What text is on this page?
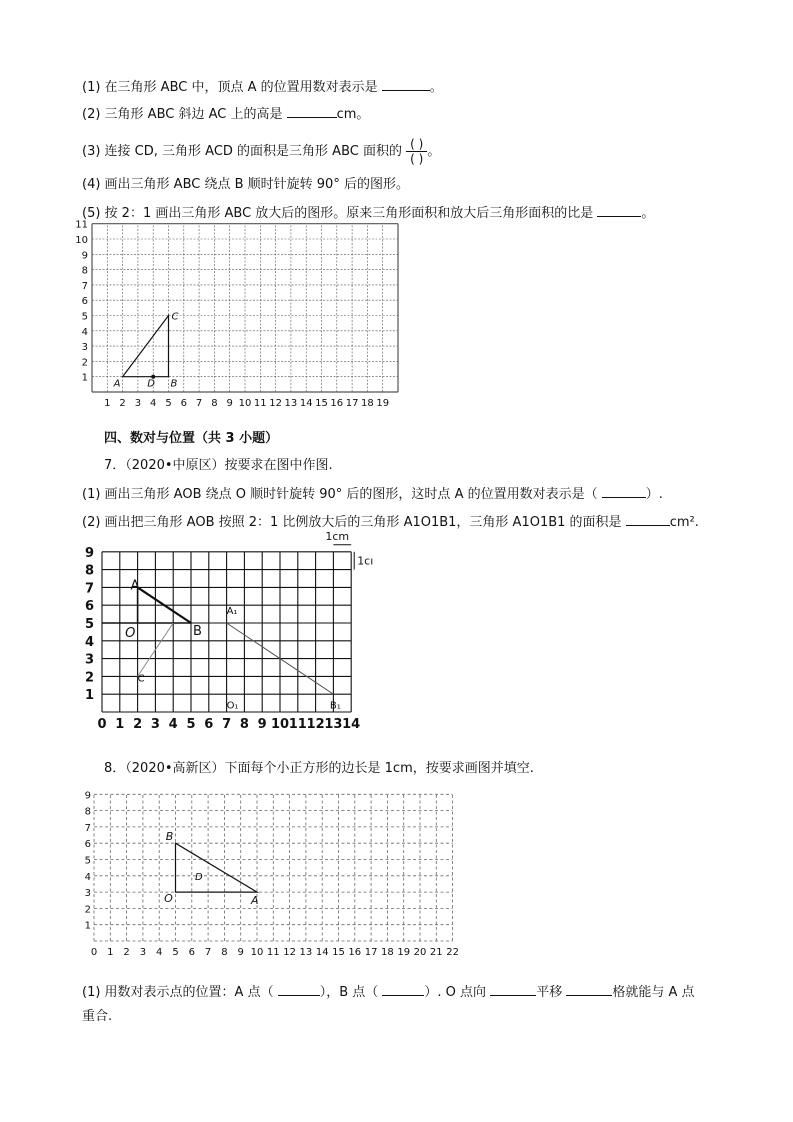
(1) 在三角形 ABC 中，顶点 A 的位置用数对表示是	。
(2) 三角形 ABC 斜边 AC 上的高是	cm。
(3) 连接 CD, 三角形 ACD 的面积是三角形 ABC 面积的 $\frac{( )}{( )}$ 。
(4) 画出三角形 ABC 绕点 B 顺时针旋转 90° 后的图形。
(5) 按 2：1 画出三角形 ABC 放大后的图形。原来三角形面积和放大后三角形面积的比是	。
1 2 3 4 5 6 7 8 9 10 11 12 13 14 15 16 17 18 19
1
2
3
4
5
6
7
8
9
10
11
A	B
C
D
四、数对与位置（共 3 小题）
7．（2020•中原区）按要求在图中作图.
(1) 画出三角形 AOB 绕点 O 顺时针旋转 90° 后的图形，这时点 A 的位置用数对表示是（	）.
(2) 画出把三角形 AOB 按照 2：1 比例放大后的三角形 A1O1B1，三角形 A1O1B1 的面积是	cm².
0 1 2 3 4 5 6 7 8 9 10 11 12 13 14
1
2
3
4
5
6
7
8
9
1cm
1cı
A
O	B
C
A₁
O₁	B₁
8．（2020•高新区）下面每个小正方形的边长是 1cm，按要求画图并填空.
0 1 2 3 4 5 6 7 8 9 10 11 12 13 14 15 16 17 18 19 20 21 22
1
2
3
4
5
6
7
8
9
B
O	A
D
(1) 用数对表示点的位置：A 点（	），B 点（	）. O 点向	平移	格就能与 A 点
重合.
